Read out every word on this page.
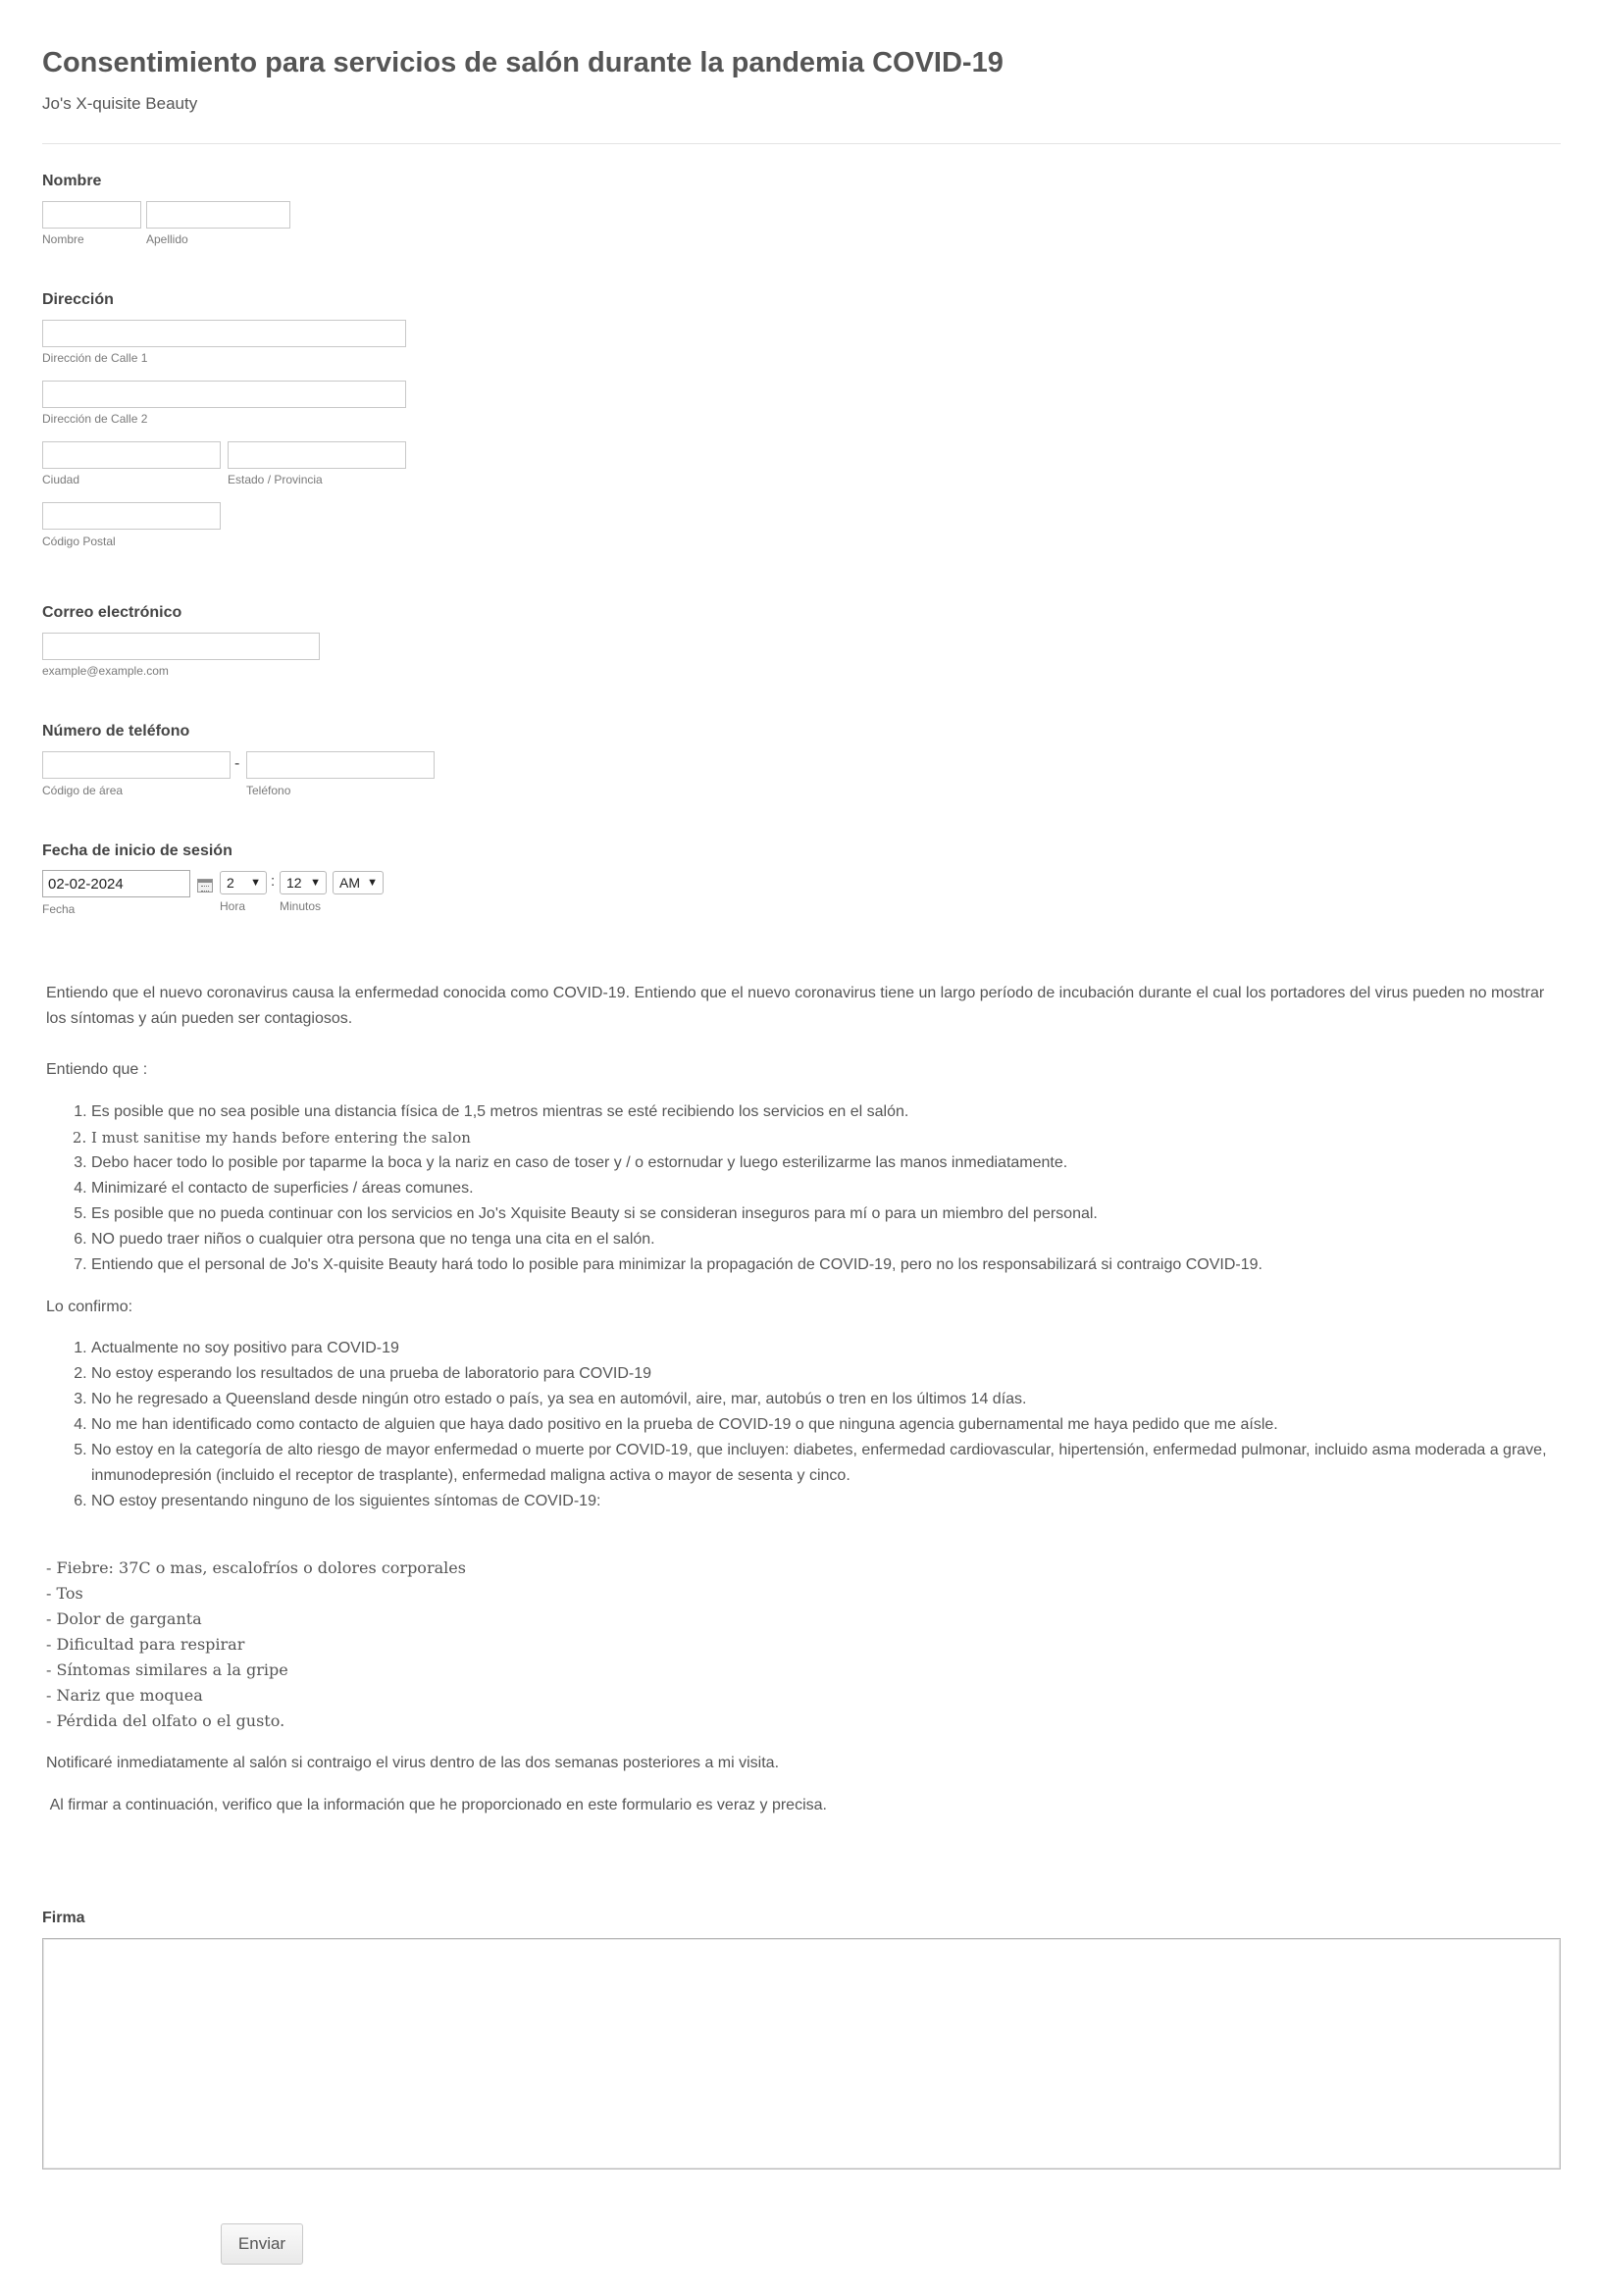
Consentimiento para servicios de salón durante la pandemia COVID-19
Jo's X-quisite Beauty
Nombre
Nombre	Apellido
Dirección
Dirección de Calle 1
Dirección de Calle 2
Ciudad	Estado / Provincia
Código Postal
Correo electrónico
example@example.com
Número de teléfono
-
Código de área	Teléfono
Fecha de inicio de sesión
02-02-2024
Fecha
2 ▼ : 12 ▼	AM ▼
Hora	Minutos

Entiendo que el nuevo coronavirus causa la enfermedad conocida como COVID-19. Entiendo que el nuevo coronavirus tiene un largo período de incubación durante el cual los portadores del virus pueden no mostrar los síntomas y aún pueden ser contagiosos.

Entiendo que :

1. Es posible que no sea posible una distancia física de 1,5 metros mientras se esté recibiendo los servicios en el salón.
2. I must sanitise my hands before entering the salon
3. Debo hacer todo lo posible por taparme la boca y la nariz en caso de toser y / o estornudar y luego esterilizarme las manos inmediatamente.
4. Minimizaré el contacto de superficies / áreas comunes.
5. Es posible que no pueda continuar con los servicios en Jo's Xquisite Beauty si se consideran inseguros para mí o para un miembro del personal.
6. NO puedo traer niños o cualquier otra persona que no tenga una cita en el salón.
7. Entiendo que el personal de Jo's X-quisite Beauty hará todo lo posible para minimizar la propagación de COVID-19, pero no los responsabilizará si contraigo COVID-19.

Lo confirmo:

1. Actualmente no soy positivo para COVID-19
2. No estoy esperando los resultados de una prueba de laboratorio para COVID-19
3. No he regresado a Queensland desde ningún otro estado o país, ya sea en automóvil, aire, mar, autobús o tren en los últimos 14 días.
4. No me han identificado como contacto de alguien que haya dado positivo en la prueba de COVID-19 o que ninguna agencia gubernamental me haya pedido que me aísle.
5. No estoy en la categoría de alto riesgo de mayor enfermedad o muerte por COVID-19, que incluyen: diabetes, enfermedad cardiovascular, hipertensión, enfermedad pulmonar, incluido asma moderada a grave, inmunodepresión (incluido el receptor de trasplante), enfermedad maligna activa o mayor de sesenta y cinco.
6. NO estoy presentando ninguno de los siguientes síntomas de COVID-19:
- Fiebre: 37C o mas, escalofríos o dolores corporales
- Tos
- Dolor de garganta
- Dificultad para respirar
- Síntomas similares a la gripe
- Nariz que moquea
- Pérdida del olfato o el gusto.

Notificaré inmediatamente al salón si contraigo el virus dentro de las dos semanas posteriores a mi visita.

Al firmar a continuación, verifico que la información que he proporcionado en este formulario es veraz y precisa.

Firma
Enviar
